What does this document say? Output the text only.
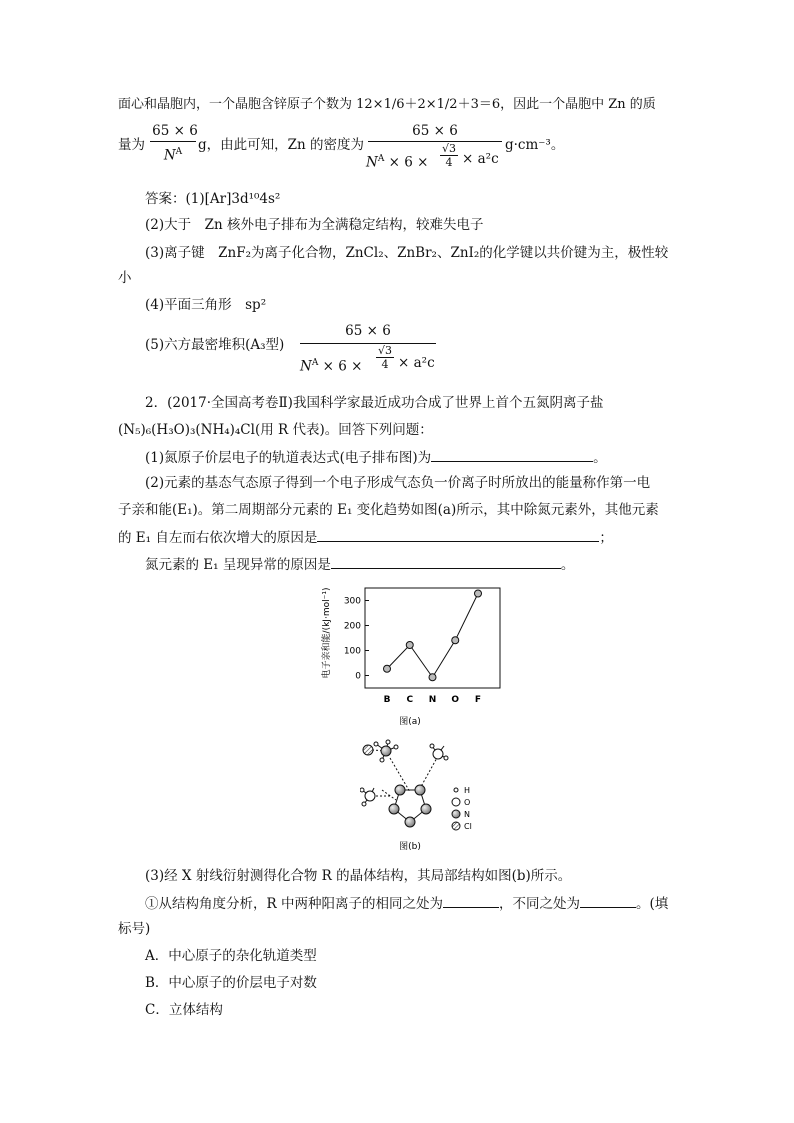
面心和晶胞内，一个晶胞含锌原子个数为 12×1/6＋2×1/2＋3＝6，因此一个晶胞中 Zn 的质
量为
65 × 6
$N^A$	g，由此可知，Zn 的密度为
65 × 6
$N^A \times 6 \times \frac{√3}{4} \times a^2c$
g·cm⁻³。
答案：(1)[Ar]3d¹⁰4s²
(2)大于　Zn 核外电子排布为全满稳定结构，较难失电子
(3)离子键　ZnF₂为离子化合物，ZnCl₂、ZnBr₂、ZnI₂的化学键以共价键为主，极性较
小
(4)平面三角形　sp²
(5)六方最密堆积(A₃型)
65 × 6
$N^A \times 6 \times \frac{√3}{4} \times a^2c$
2．(2017·全国高考卷Ⅱ)我国科学家最近成功合成了世界上首个五氮阴离子盐
(N₅)₆(H₃O)₃(NH₄)₄Cl(用 R 代表)。回答下列问题：
(1)氮原子价层电子的轨道表达式(电子排布图)为	。
(2)元素的基态气态原子得到一个电子形成气态负一价离子时所放出的能量称作第一电
子亲和能(E₁)。第二周期部分元素的 E₁ 变化趋势如图(a)所示，其中除氮元素外，其他元素
的 E₁ 自左而右依次增大的原因是	；
氮元素的 E₁ 呈现异常的原因是	。
电子亲和能/(kJ·mol⁻¹)	0
100
200
300
B C N O F
图(a)
H
O
N
Cl
图(b)
(3)经 X 射线衍射测得化合物 R 的晶体结构，其局部结构如图(b)所示。
①从结构角度分析，R 中两种阳离子的相同之处为	，不同之处为	。(填
标号)
A．中心原子的杂化轨道类型
B．中心原子的价层电子对数
C．立体结构
